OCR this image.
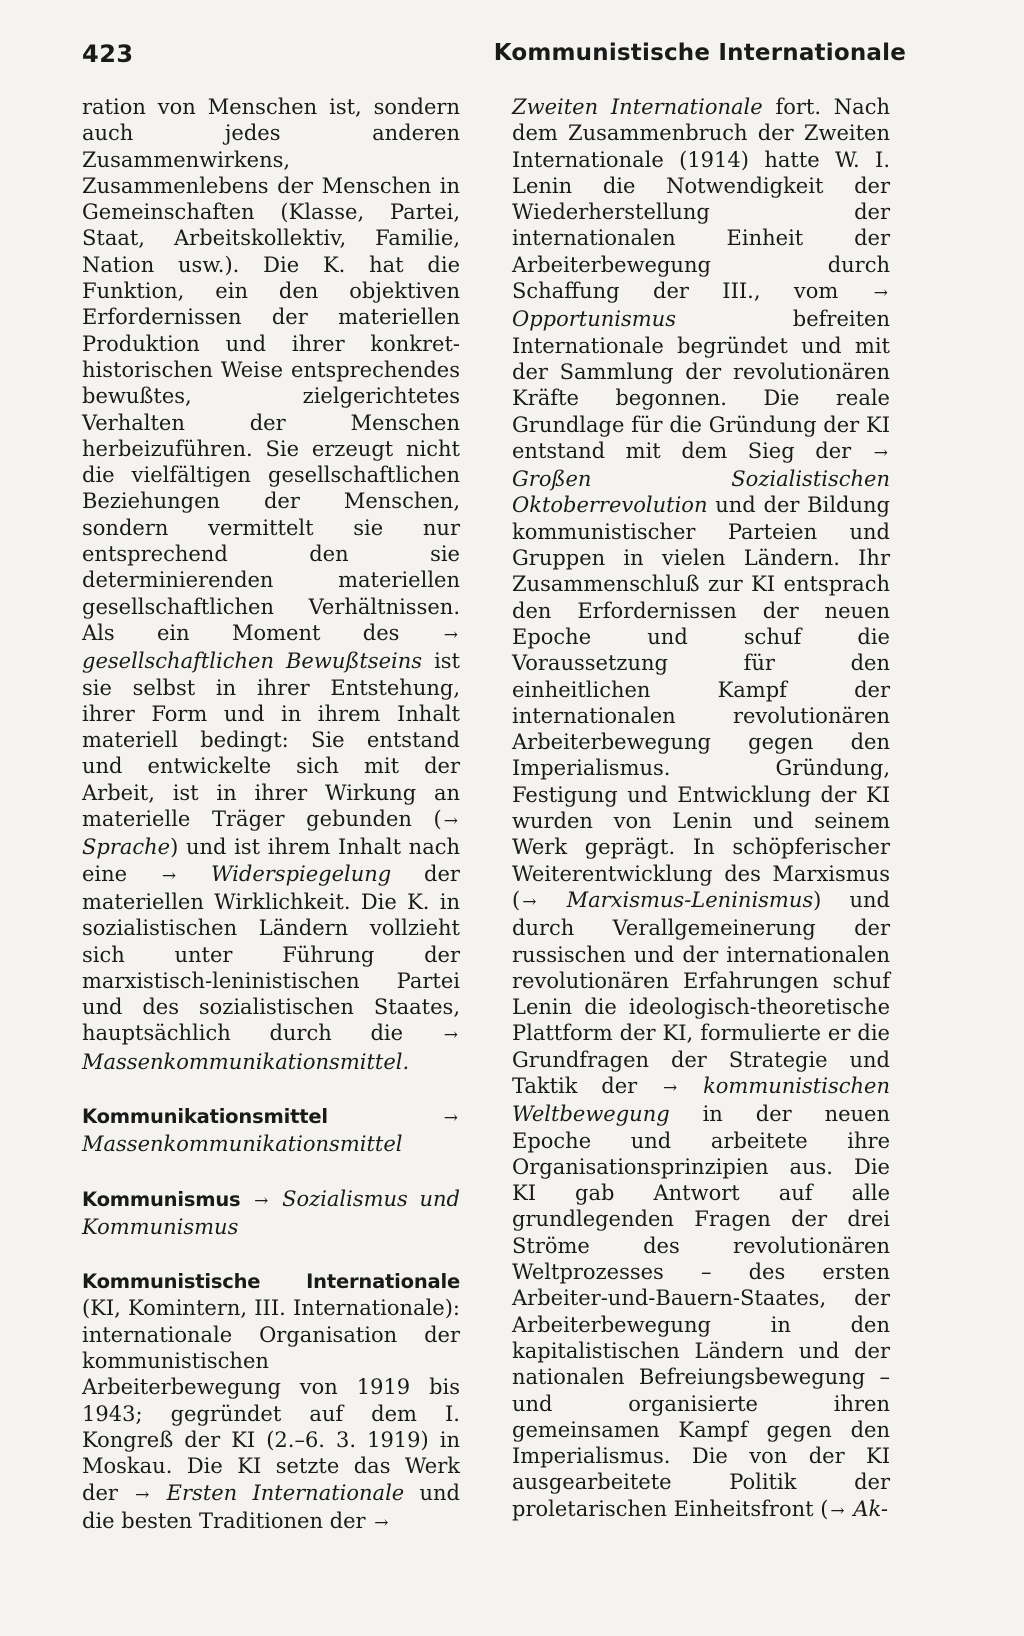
423	Kommunistische Internationale

ration von Menschen ist, sondern auch jedes anderen Zusammenwirkens, Zusammenlebens der Menschen in Gemeinschaften (Klasse, Partei, Staat, Arbeitskollektiv, Familie, Nation usw.). Die K. hat die Funktion, ein den objektiven Erfordernissen der materiellen Produktion und ihrer konkret-historischen Weise entsprechendes bewußtes, zielgerichtetes Verhalten der Menschen herbeizuführen. Sie erzeugt nicht die vielfältigen gesellschaftlichen Beziehungen der Menschen, sondern vermittelt sie nur entsprechend den sie determinierenden materiellen gesellschaftlichen Verhältnissen. Als ein Moment des	→ gesellschaftlichen Bewußtseins ist sie selbst in ihrer Entstehung, ihrer Form und in ihrem Inhalt materiell bedingt: Sie entstand und entwickelte sich mit der Arbeit, ist in ihrer Wirkung an materielle Träger gebunden ( → Sprache) und ist ihrem Inhalt nach eine → Widerspiegelung der materiellen Wirklichkeit. Die K. in sozialistischen Ländern vollzieht sich unter Führung der marxistisch-leninistischen Partei und des sozialistischen Staates, hauptsächlich durch die → Massenkommunikationsmittel.

Kommunikationsmittel	→ Massenkommunikationsmittel

Kommunismus → Sozialismus und Kommunismus

Kommunistische Internationale (KI, Komintern, III. Internationale): internationale Organisation der kommunistischen Arbeiterbewegung von 1919 bis 1943; gegründet auf dem I. Kongreß der KI (2.–6. 3. 1919) in Moskau. Die KI setzte das Werk der → Ersten Internationale und die besten Traditionen der →

Zweiten Internationale fort. Nach dem Zusammenbruch der Zweiten Internationale (1914) hatte W. I. Lenin die Notwendigkeit der Wiederherstellung der internationalen Einheit der Arbeiterbewegung durch Schaffung der III., vom → Opportunismus	befreiten Internationale begründet und mit der Sammlung der revolutionären Kräfte begonnen. Die reale Grundlage für die Gründung der KI entstand mit dem Sieg der → Großen Sozialistischen Oktoberrevolution und der Bildung kommunistischer Parteien und Gruppen in vielen Ländern. Ihr Zusammenschluß zur KI entsprach den Erfordernissen der neuen Epoche und schuf die Voraussetzung für den einheitlichen Kampf der internationalen revolutionären Arbeiterbewegung gegen den Imperialismus. Gründung, Festigung und Entwicklung der KI wurden von Lenin und seinem Werk geprägt. In schöpferischer Weiterentwicklung des Marxismus ( → Marxismus-Leninismus) und durch Verallgemeinerung der russischen und der internationalen revolutionären Erfahrungen schuf Lenin die ideologisch-theoretische Plattform der KI, formulierte er die Grundfragen der Strategie und Taktik der → kommunistischen Weltbewegung in der neuen Epoche und arbeitete ihre Organisationsprinzipien aus. Die KI gab Antwort auf alle grundlegenden Fragen der drei Ströme des revolutionären Weltprozesses – des ersten Arbeiter-und-Bauern-Staates, der Arbeiterbewegung in den kapitalistischen Ländern und der nationalen Befreiungsbewegung – und organisierte ihren gemeinsamen Kampf gegen den Imperialismus. Die von der KI ausgearbeitete Politik der proletarischen Einheitsfront ( → Ak-
